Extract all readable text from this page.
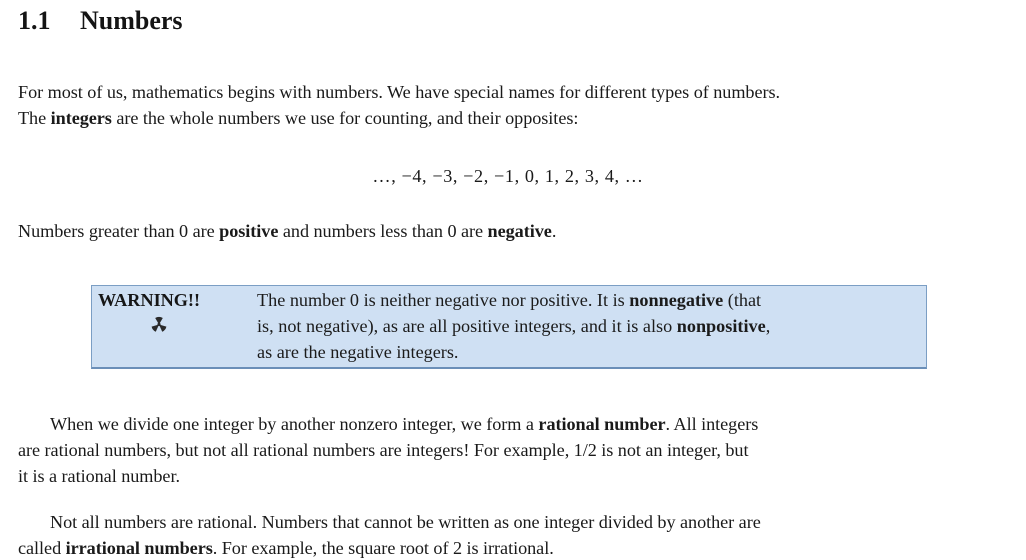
1.1 Numbers

For most of us, mathematics begins with numbers. We have special names for different types of numbers.
The integers are the whole numbers we use for counting, and their opposites:

…, −4, −3, −2, −1, 0, 1, 2, 3, 4, …

Numbers greater than 0 are positive and numbers less than 0 are negative.

WARNING!!	The number 0 is neither negative nor positive. It is nonnegative (that
is, not negative), as are all positive integers, and it is also nonpositive,
as are the negative integers.

When we divide one integer by another nonzero integer, we form a rational number. All integers
are rational numbers, but not all rational numbers are integers! For example, 1/2 is not an integer, but
it is a rational number.

Not all numbers are rational. Numbers that cannot be written as one integer divided by another are
called irrational numbers. For example, the square root of 2 is irrational.
